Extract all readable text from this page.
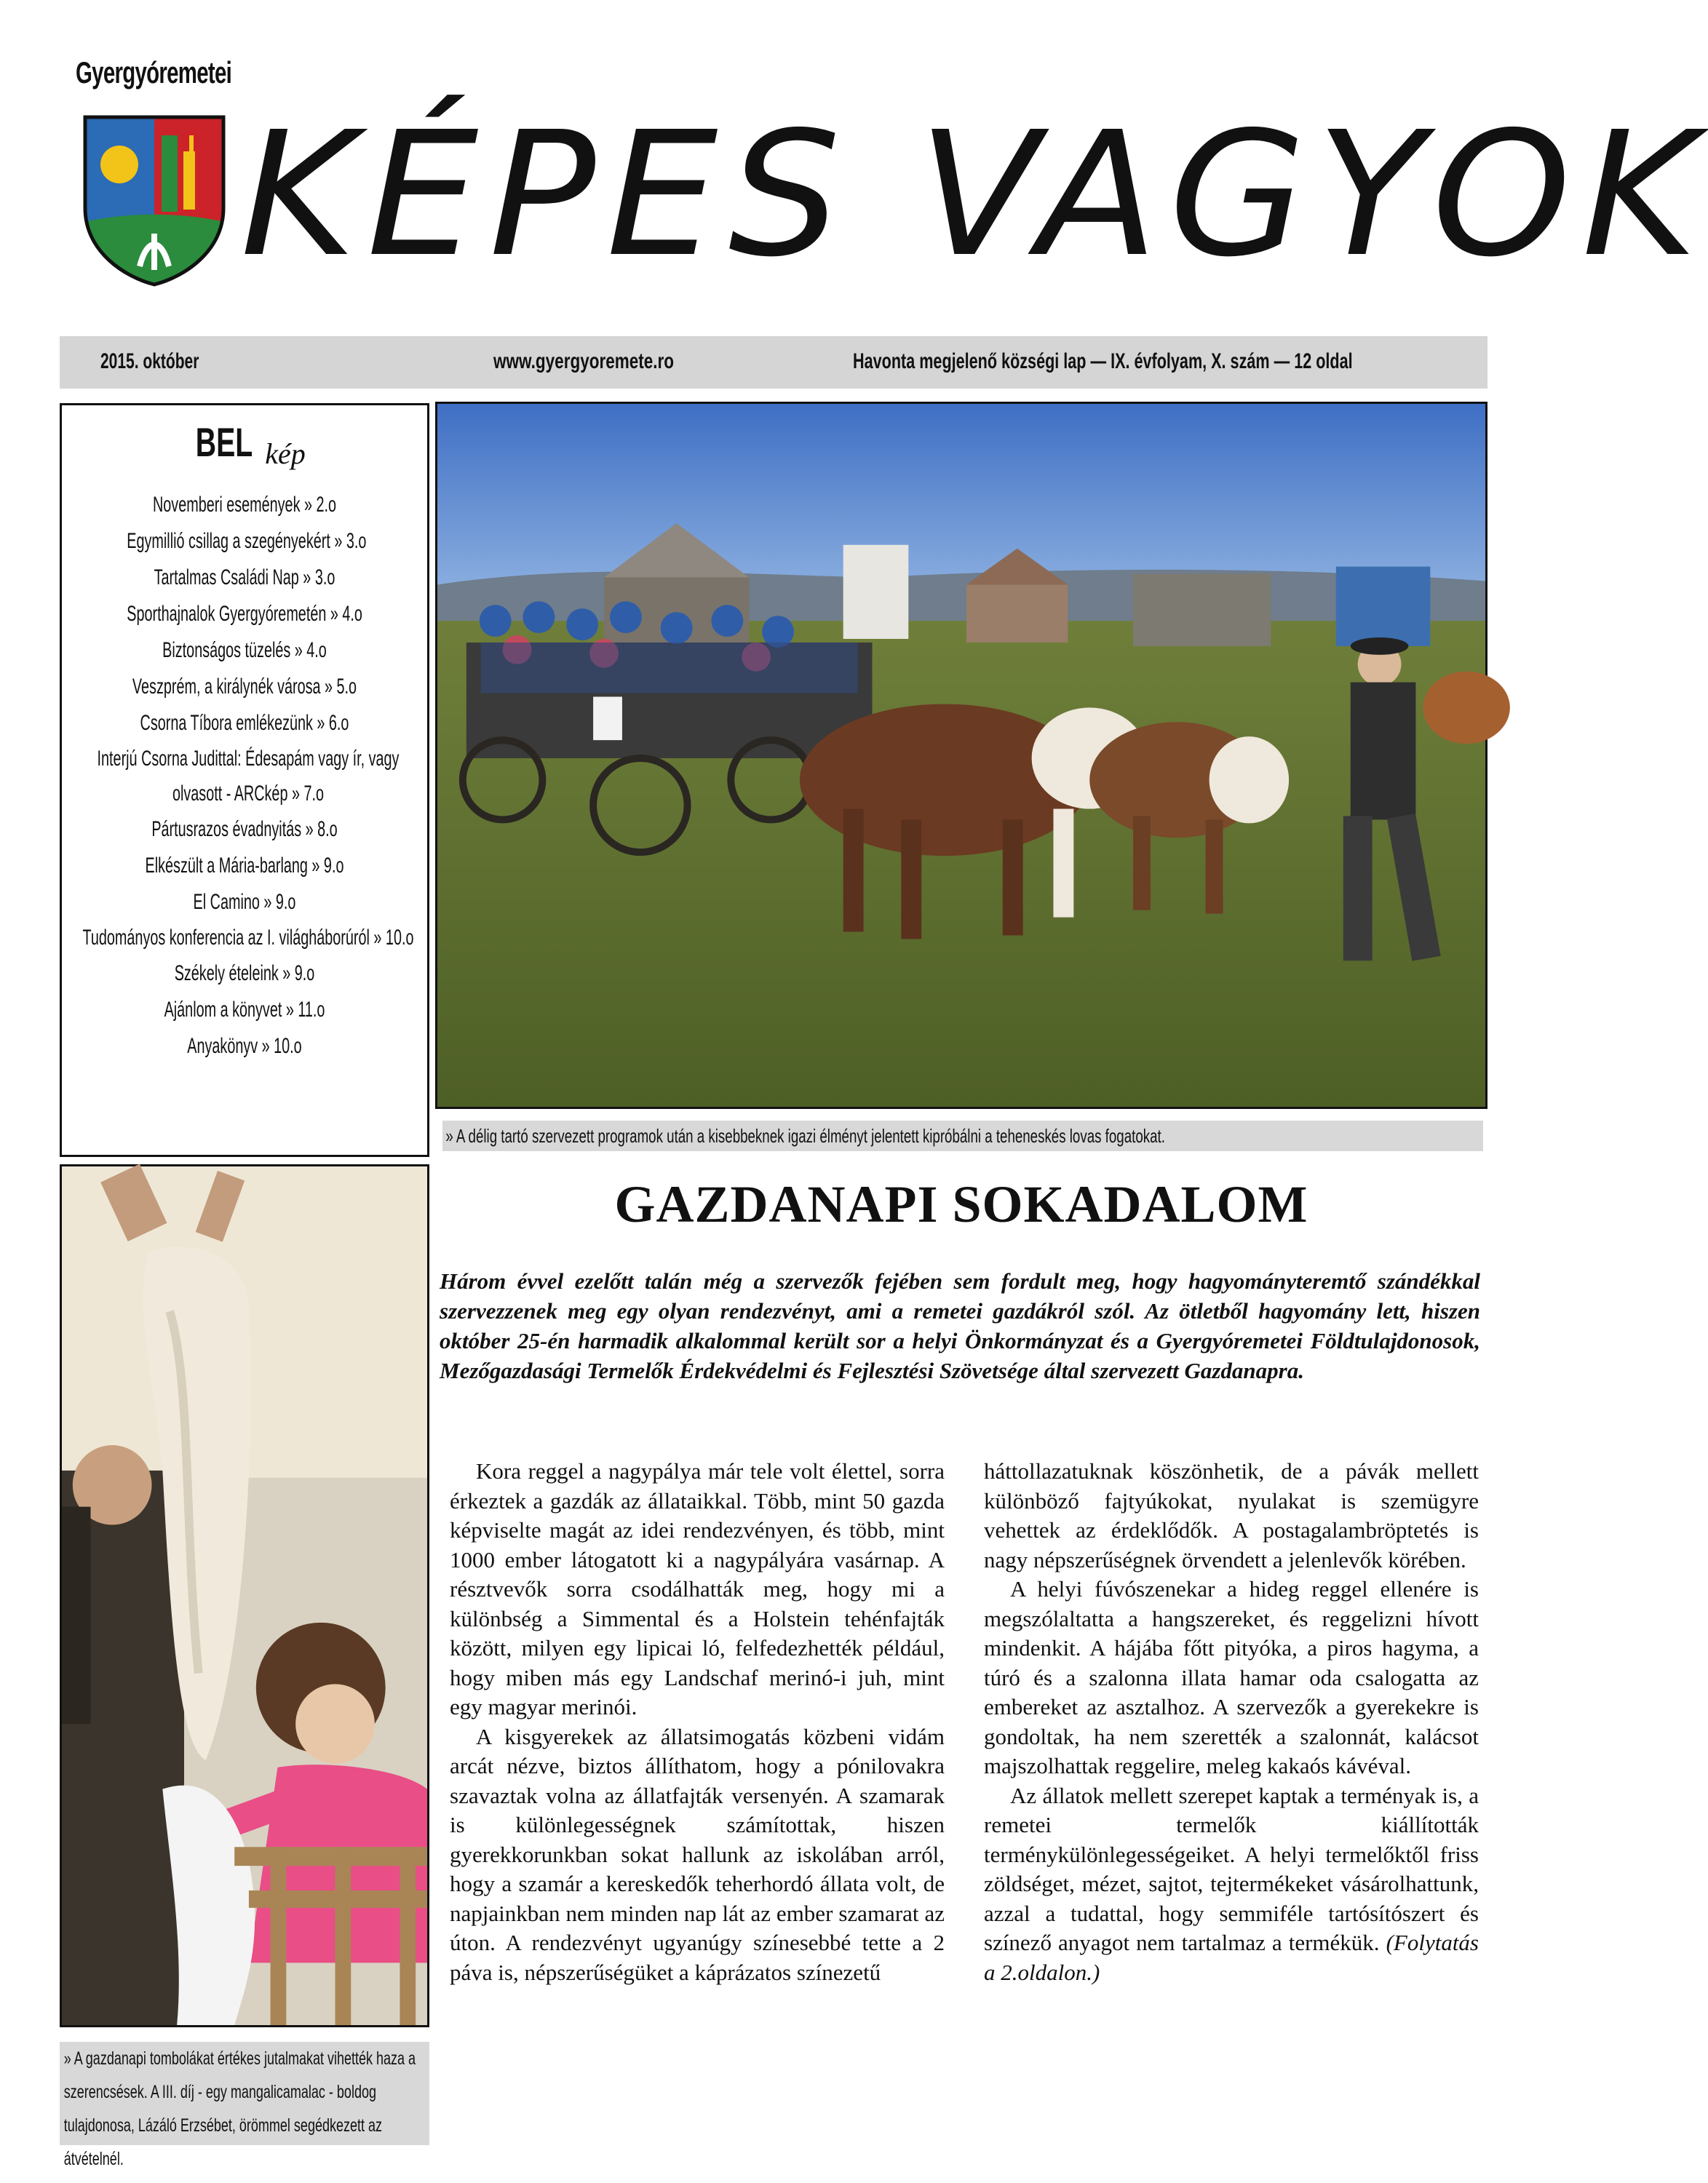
Gyergyóremetei
KÉPES VAGYOK
2015. október	www.gyergyoremete.ro	Havonta megjelenő községi lap — IX. évfolyam, X. szám — 12 oldal
BEL kép
Novemberi események » 2.o
Egymillió csillag a szegényekért » 3.o
Tartalmas Családi Nap » 3.o
Sporthajnalok Gyergyóremetén » 4.o
Biztonságos tüzelés » 4.o
Veszprém, a királynék városa » 5.o
Csorna Tíbora emlékezünk » 6.o
Interjú Csorna Judittal: Édesapám vagy ír, vagy olvasott - ARCkép » 7.o
Pártusrazos évadnyitás » 8.o
Elkészült a Mária-barlang » 9.o
El Camino » 9.o
Tudományos konferencia az I. világháborúról » 10.o
Székely ételeink » 9.o
Ajánlom a könyvet » 11.o
Anyakönyv » 10.o
» A délig tartó szervezett programok után a kisebbeknek igazi élményt jelentett kipróbálni a teheneskés lovas fogatokat.
» A gazdanapi tombolákat értékes jutalmakat vihették haza a szerencsések. A III. díj - egy mangalicamalac - boldog tulajdonosa, Lázáló Erzsébet, örömmel segédkezett az átvételnél.
GAZDANAPI SOKADALOM
Három évvel ezelőtt talán még a szervezők fejében sem fordult meg, hogy hagyományteremtő szándékkal szervezzenek meg egy olyan rendezvényt, ami a remetei gazdákról szól. Az ötletből hagyomány lett, hiszen október 25-én harmadik alkalommal került sor a helyi Önkormányzat és a Gyergyóremetei Földtulajdonosok, Mezőgazdasági Termelők Érdekvédelmi és Fejlesztési Szövetsége által szervezett Gazdanapra.

Kora reggel a nagypálya már tele volt élettel, sorra érkeztek a gazdák az állataikkal. Több, mint 50 gazda képviselte magát az idei rendezvényen, és több, mint 1000 ember látogatott ki a nagypályára vasárnap. A résztvevők sorra csodálhatták meg, hogy mi a különbség a Simmental és a Holstein tehénfajták között, milyen egy lipicai ló, felfedezhették például, hogy miben más egy Landschaf merinó-i juh, mint egy magyar merinói.

A kisgyerekek az állatsimogatás közbeni vidám arcát nézve, biztos állíthatom, hogy a pónilovakra szavaztak volna az állatfajták versenyén. A szamarak is különlegességnek számítottak, hiszen gyerekkorunkban sokat hallunk az iskolában arról, hogy a szamár a kereskedők teherhordó állata volt, de napjainkban nem minden nap lát az ember szamarat az úton. A rendezvényt ugyanúgy színesebbé tette a 2 páva is, népszerűségüket a káprázatos színezetű

háttollazatuknak köszönhetik, de a pávák mellett különböző fajtyúkokat, nyulakat is szemügyre vehettek az érdeklődők. A postagalambröptetés is nagy népszerűségnek örvendett a jelenlevők körében.

A helyi fúvószenekar a hideg reggel ellenére is megszólaltatta a hangszereket, és reggelizni hívott mindenkit. A hájába főtt pityóka, a piros hagyma, a túró és a szalonna illata hamar oda csalogatta az embereket az asztalhoz. A szervezők a gyerekekre is gondoltak, ha nem szerették a szalonnát, kalácsot majszolhattak reggelire, meleg kakaós kávéval.

Az állatok mellett szerepet kaptak a terményak is, a remetei termelők kiállították terménykülönlegességeiket. A helyi termelőktől friss zöldséget, mézet, sajtot, tejtermékeket vásárolhattunk, azzal a tudattal, hogy semmiféle tartósítószert és színező anyagot nem tartalmaz a termékük. (Folytatás a 2.oldalon.)
